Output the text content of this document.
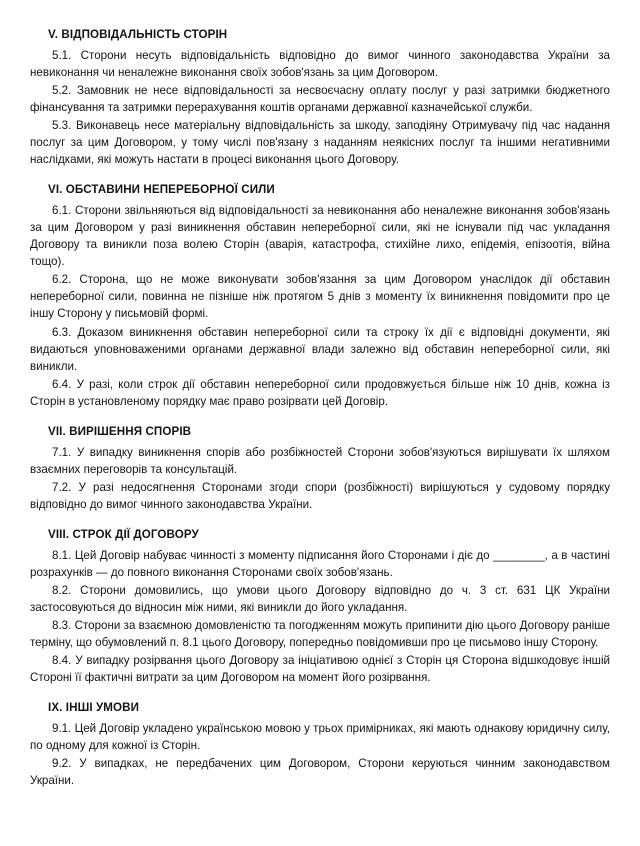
V. ВІДПОВІДАЛЬНІСТЬ СТОРІН

5.1. Сторони несуть відповідальність відповідно до вимог чинного законодавства України за невиконання чи неналежне виконання своїх зобов'язань за цим Договором.

5.2. Замовник не несе відповідальності за несвоєчасну оплату послуг у разі затримки бюджетного фінансування та затримки перерахування коштів органами державної казначейської служби.

5.3. Виконавець несе матеріальну відповідальність за шкоду, заподіяну Отримувачу під час надання послуг за цим Договором, у тому числі пов'язану з наданням неякісних послуг та іншими негативними наслідками, які можуть настати в процесі виконання цього Договору.

VI. ОБСТАВИНИ НЕПЕРЕБОРНОЇ СИЛИ

6.1. Сторони звільняються від відповідальності за невиконання або неналежне виконання зобов'язань за цим Договором у разі виникнення обставин непереборної сили, які не існували під час укладання Договору та виникли поза волею Сторін (аварія, катастрофа, стихійне лихо, епідемія, епізоотія, війна тощо).

6.2. Сторона, що не може виконувати зобов'язання за цим Договором унаслідок дії обставин непереборної сили, повинна не пізніше ніж протягом 5 днів з моменту їх виникнення повідомити про це іншу Сторону у письмовій формі.

6.3. Доказом виникнення обставин непереборної сили та строку їх дії є відповідні документи, які видаються уповноваженими органами державної влади залежно від обставин непереборної сили, які виникли.

6.4. У разі, коли строк дії обставин непереборної сили продовжується більше ніж 10 днів, кожна із Сторін в установленому порядку має право розірвати цей Договір.

VII. ВИРІШЕННЯ СПОРІВ

7.1. У випадку виникнення спорів або розбіжностей Сторони зобов'язуються вирішувати їх шляхом взаємних переговорів та консультацій.

7.2. У разі недосягнення Сторонами згоди спори (розбіжності) вирішуються у судовому порядку відповідно до вимог чинного законодавства України.

VIII. СТРОК ДІЇ ДОГОВОРУ

8.1. Цей Договір набуває чинності з моменту підписання його Сторонами і діє до ________, а в частині розрахунків — до повного виконання Сторонами своїх зобов'язань.

8.2. Сторони домовились, що умови цього Договору відповідно до ч. 3 ст. 631 ЦК України застосовуються до відносин між ними, які виникли до його укладання.

8.3. Сторони за взаємною домовленістю та погодженням можуть припинити дію цього Договору раніше терміну, що обумовлений п. 8.1 цього Договору, попередньо повідомивши про це письмово іншу Сторону.

8.4. У випадку розірвання цього Договору за ініціативою однієї з Сторін ця Сторона відшкодовує іншій Стороні її фактичні витрати за цим Договором на момент його розірвання.

IX. ІНШІ УМОВИ

9.1. Цей Договір укладено українською мовою у трьох примірниках, які мають однакову юридичну силу, по одному для кожної із Сторін.

9.2. У випадках, не передбачених цим Договором, Сторони керуються чинним законодавством України.
